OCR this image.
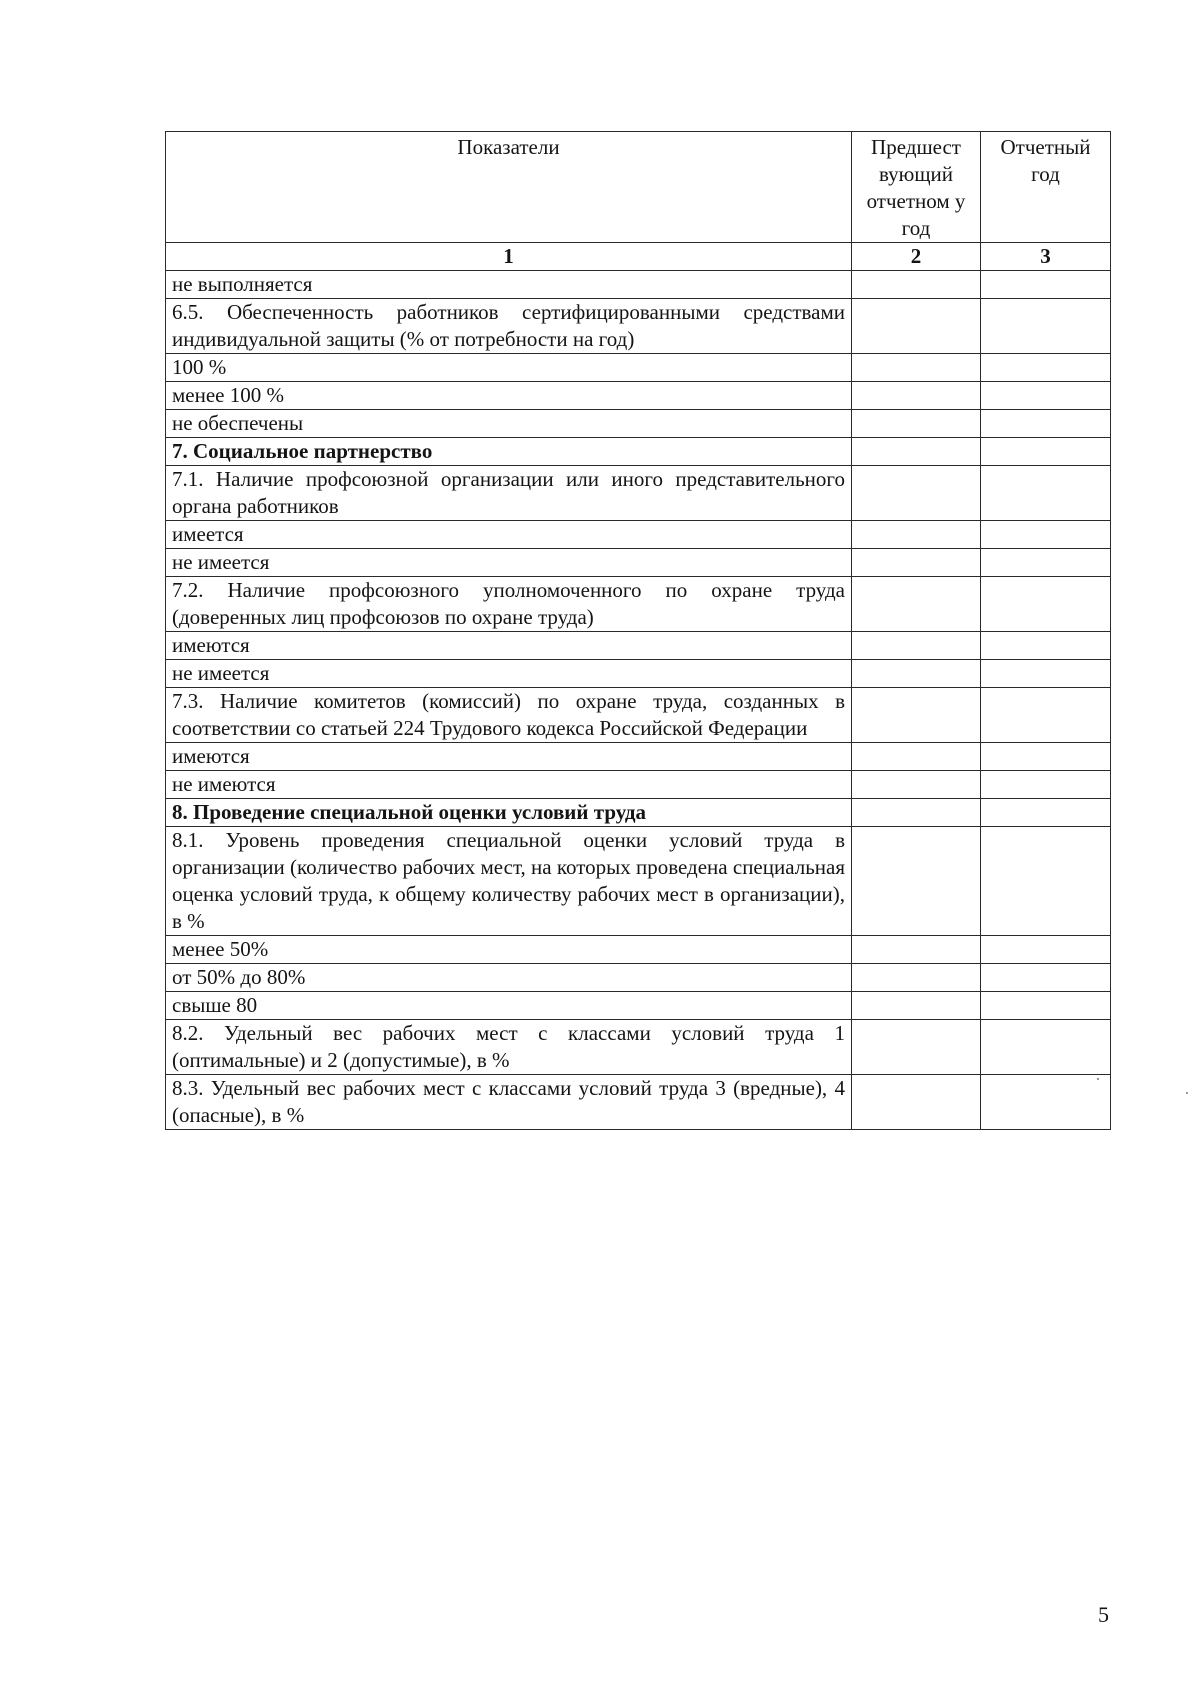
Показатели	Предшест вующий отчетном у год	Отчетный год
1	2	3
не выполняется		
6.5. Обеспеченность работников сертифицированными средствами индивидуальной защиты (% от потребности на год)		
100 %		
менее 100 %		
не обеспечены		
7. Социальное партнерство		
7.1. Наличие профсоюзной организации или иного представительного органа работников		
имеется		
не имеется		
7.2. Наличие профсоюзного уполномоченного по охране труда (доверенных лиц профсоюзов по охране труда)		
имеются		
не имеется		
7.3. Наличие комитетов (комиссий) по охране труда, созданных в соответствии со статьей 224 Трудового кодекса Российской Федерации		
имеются		
не имеются		
8. Проведение специальной оценки условий труда		
8.1. Уровень проведения специальной оценки условий труда в организации (количество рабочих мест, на которых проведена специальная оценка условий труда, к общему количеству рабочих мест в организации), в %		
менее 50%		
от 50% до 80%		
свыше 80		
8.2. Удельный вес рабочих мест с классами условий труда 1 (оптимальные) и 2 (допустимые), в %		
8.3. Удельный вес рабочих мест с классами условий труда 3 (вредные), 4 (опасные), в %		
5
